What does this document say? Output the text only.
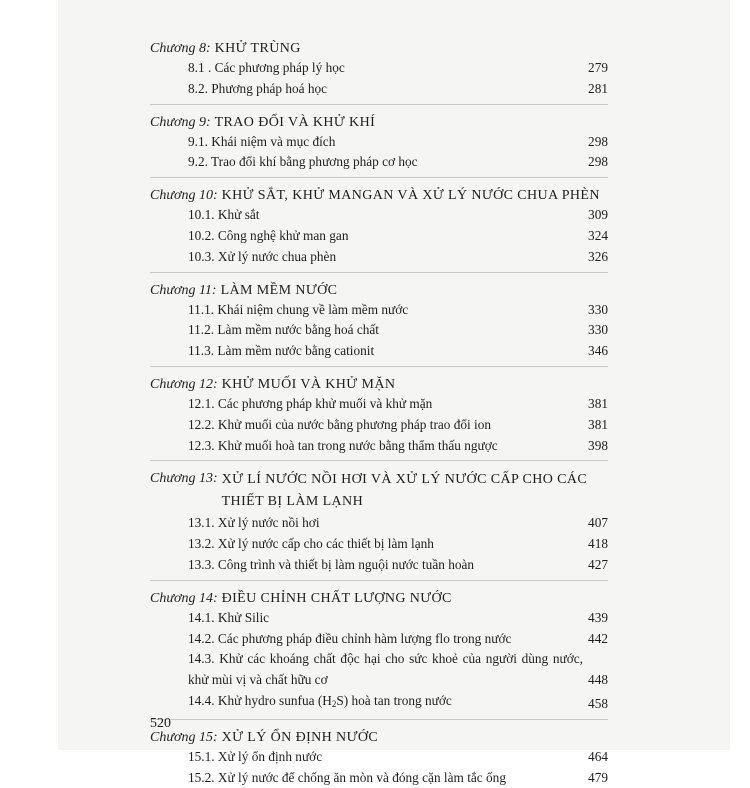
Chương 8: KHỬ TRÙNG
8.1 . Các phương pháp lý học	279
8.2. Phương pháp hoá học	281
Chương 9: TRAO ĐỔI VÀ KHỬ KHÍ
9.1. Khái niệm và mục đích	298
9.2. Trao đổi khí bằng phương pháp cơ học	298
Chương 10: KHỬ SẮT, KHỬ MANGAN VÀ XỬ LÝ NƯỚC CHUA PHÈN
10.1. Khử sắt	309
10.2. Công nghệ khử man gan	324
10.3. Xử lý nước chua phèn	326
Chương 11: LÀM MỀM NƯỚC
11.1. Khái niệm chung về làm mềm nước	330
11.2. Làm mềm nước bằng hoá chất	330
11.3. Làm mềm nước bằng cationit	346
Chương 12: KHỬ MUỐI VÀ KHỬ MẶN
12.1. Các phương pháp khử muối và khử mặn	381
12.2. Khử muối của nước bằng phương pháp trao đổi ion	381
12.3. Khử muối hoà tan trong nước bằng thẩm thấu ngược	398
Chương 13: XỬ LÍ NƯỚC NỒI HƠI VÀ XỬ LÝ NƯỚC CẤP CHO CÁC THIẾT BỊ LÀM LẠNH
13.1. Xử lý nước nồi hơi	407
13.2. Xử lý nước cấp cho các thiết bị làm lạnh	418
13.3. Công trình và thiết bị làm nguội nước tuần hoàn	427
Chương 14: ĐIỀU CHỈNH CHẤT LƯỢNG NƯỚC
14.1. Khử Silic	439
14.2. Các phương pháp điều chỉnh hàm lượng flo trong nước	442
14.3. Khử các khoáng chất độc hại cho sức khoẻ của người dùng nước, khử mùi vị và chất hữu cơ	448
14.4. Khử hydro sunfua $(H_2S)$ hoà tan trong nước	458
Chương 15: XỬ LÝ ỔN ĐỊNH NƯỚC
15.1. Xử lý ổn định nước	464
15.2. Xử lý nước để chống ăn mòn và đóng cặn làm tắc ống	479
520
